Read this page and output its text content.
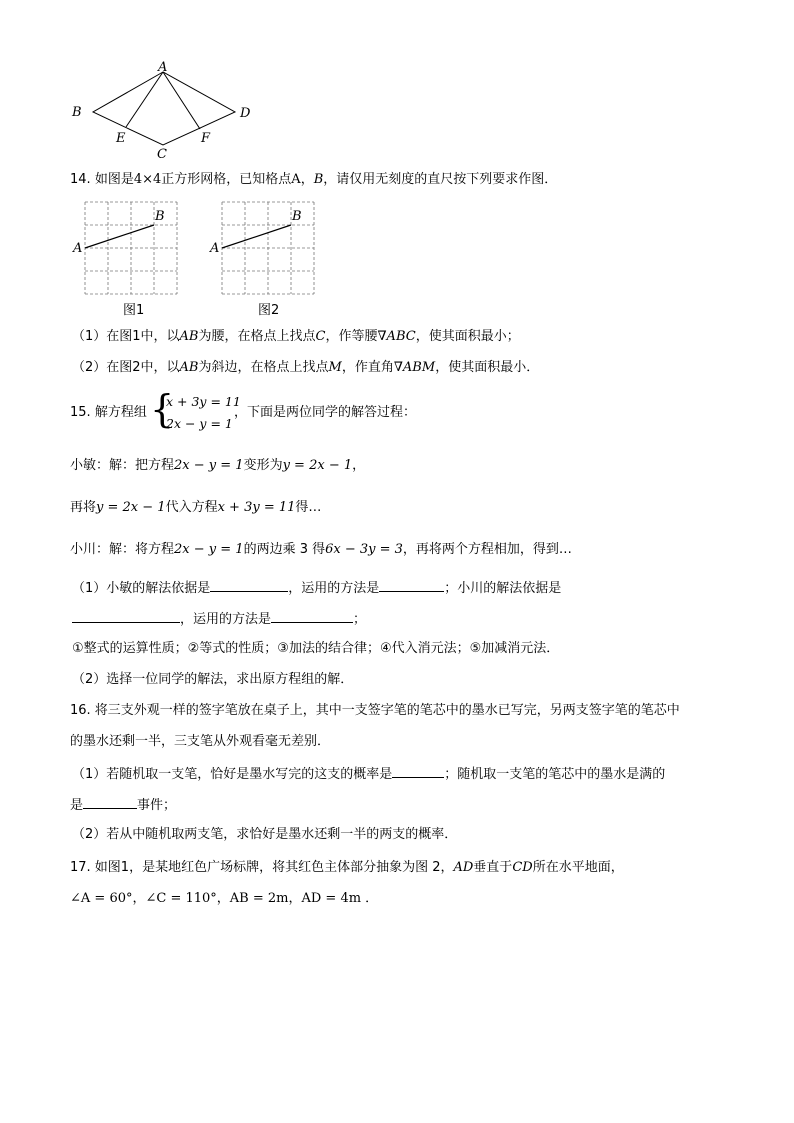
A
B	D
E	F
C
14. 如图是4×4正方形网格，已知格点A，B，请仅用无刻度的直尺按下列要求作图．
A
B
A
B
图1	图2
（1）在图1中，以AB为腰，在格点上找点C，作等腰∇ABC，使其面积最小；
（2）在图2中，以AB为斜边，在格点上找点M，作直角∇ABM，使其面积最小．
15. 解方程组 {
x + 3y = 11
2x − y = 1
，下面是两位同学的解答过程：
小敏：解：把方程2x − y = 1变形为y = 2x − 1，
再将y = 2x − 1代入方程x + 3y = 11得…
小川：解：将方程2x − y = 1的两边乘 3 得6x − 3y = 3，再将两个方程相加，得到…
（1）小敏的解法依据是	，运用的方法是	；小川的解法依据是
，运用的方法是	；
①整式的运算性质；②等式的性质；③加法的结合律；④代入消元法；⑤加减消元法．
（2）选择一位同学的解法，求出原方程组的解．
16. 将三支外观一样的签字笔放在桌子上，其中一支签字笔的笔芯中的墨水已写完，另两支签字笔的笔芯中
的墨水还剩一半，三支笔从外观看毫无差别．
（1）若随机取一支笔，恰好是墨水写完的这支的概率是	；随机取一支笔的笔芯中的墨水是满的
是	事件；
（2）若从中随机取两支笔，求恰好是墨水还剩一半的两支的概率．
17. 如图1，是某地红色广场标牌，将其红色主体部分抽象为图 2，AD垂直于CD所在水平地面，
∠A = 60°，∠C = 110°，AB = 2m，AD = 4m ．
